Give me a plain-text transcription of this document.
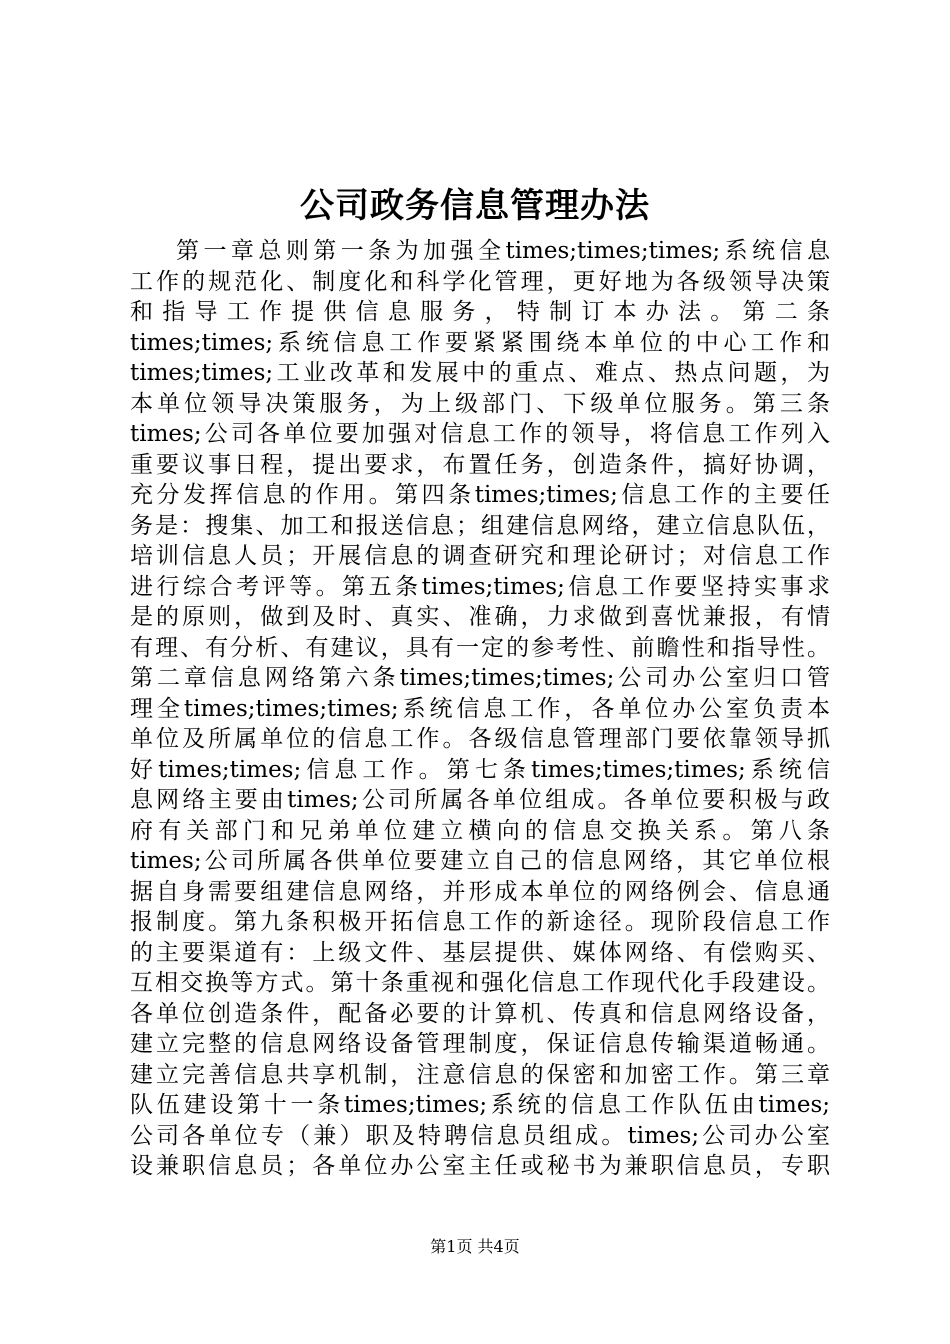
公司政务信息管理办法
第一章总则第一条为加强全times;times;times;系统信息
工作的规范化、制度化和科学化管理，更好地为各级领导决策
和 指 导 工 作 提 供 信 息 服 务 ， 特 制 订 本 办 法 。 第 二 条
times;times;系统信息工作要紧紧围绕本单位的中心工作和
times;times;工业改革和发展中的重点、难点、热点问题，为
本单位领导决策服务，为上级部门、下级单位服务。第三条
times;公司各单位要加强对信息工作的领导，将信息工作列入
重要议事日程，提出要求，布置任务，创造条件，搞好协调，
充分发挥信息的作用。第四条times;times;信息工作的主要任
务是：搜集、加工和报送信息；组建信息网络，建立信息队伍，
培训信息人员；开展信息的调查研究和理论研讨；对信息工作
进行综合考评等。第五条times;times;信息工作要坚持实事求
是的原则，做到及时、真实、准确，力求做到喜忧兼报，有情
有理、有分析、有建议，具有一定的参考性、前瞻性和指导性。
第二章信息网络第六条times;times;times;公司办公室归口管
理全times;times;times;系统信息工作，各单位办公室负责本
单位及所属单位的信息工作。各级信息管理部门要依靠领导抓
好times;times;信息工作。第七条times;times;times;系统信
息网络主要由times;公司所属各单位组成。各单位要积极与政
府有关部门和兄弟单位建立横向的信息交换关系。第八条
times;公司所属各供单位要建立自己的信息网络，其它单位根
据自身需要组建信息网络，并形成本单位的网络例会、信息通
报制度。第九条积极开拓信息工作的新途径。现阶段信息工作
的主要渠道有：上级文件、基层提供、媒体网络、有偿购买、
互相交换等方式。第十条重视和强化信息工作现代化手段建设。
各单位创造条件，配备必要的计算机、传真和信息网络设备，
建立完整的信息网络设备管理制度，保证信息传输渠道畅通。
建立完善信息共享机制，注意信息的保密和加密工作。第三章
队伍建设第十一条times;times;系统的信息工作队伍由times;
公司各单位专（兼）职及特聘信息员组成。times;公司办公室
设兼职信息员；各单位办公室主任或秘书为兼职信息员，专职
第1页 共4页
